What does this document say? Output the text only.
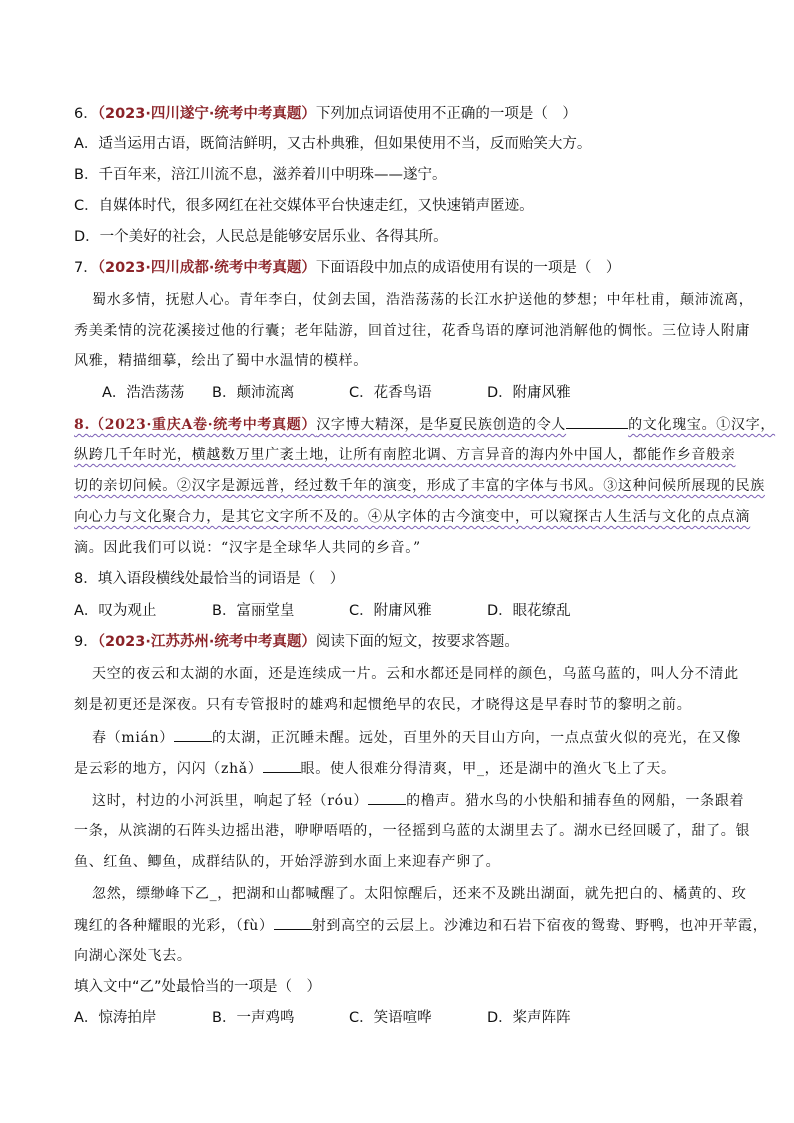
6．（2023·四川遂宁·统考中考真题）下列加点词语使用不正确的一项是（　）
A．适当运用古语，既简洁鲜明，又古朴典雅，但如果使用不当，反而贻笑大方。
B．千百年来，涪江川流不息，滋养着川中明珠——遂宁。
C．自媒体时代，很多网红在社交媒体平台快速走红，又快速销声匿迹。
D．一个美好的社会，人民总是能够安居乐业、各得其所。
7．（2023·四川成都·统考中考真题）下面语段中加点的成语使用有误的一项是（　）
蜀水多情，抚慰人心。青年李白，仗剑去国，浩浩荡荡的长江水护送他的梦想；中年杜甫，颠沛流离，
秀美柔情的浣花溪接过他的行囊；老年陆游，回首过往，花香鸟语的摩诃池消解他的惆怅。三位诗人附庸
风雅，精描细摹，绘出了蜀中水温情的模样。
A．浩浩荡荡 B．颠沛流离	C．花香鸟语	D．附庸风雅
8.（2023·重庆A卷·统考中考真题）汉字博大精深，是华夏民族创造的令人	的文化瑰宝。①汉字，
纵跨几千年时光，横越数万里广袤土地，让所有南腔北调、方言异音的海内外中国人，都能作乡音般亲
切的亲切问候。②汉字是源远普，经过数千年的演变，形成了丰富的字体与书风。③这种问候所展现的民族
向心力与文化聚合力，是其它文字所不及的。④从字体的古今演变中，可以窥探古人生活与文化的点点滴
滴。因此我们可以说：“汉字是全球华人共同的乡音。”
8．填入语段横线处最恰当的词语是（　）
A．叹为观止	B．富丽堂皇	C．附庸风雅	D．眼花缭乱
9．（2023·江苏苏州·统考中考真题）阅读下面的短文，按要求答题。
天空的夜云和太湖的水面，还是连续成一片。云和水都还是同样的颜色，乌蓝乌蓝的，叫人分不清此
刻是初更还是深夜。只有专管报时的雄鸡和起惯绝早的农民，才晓得这是早春时节的黎明之前。
春（mián）	的太湖，正沉睡未醒。远处，百里外的天目山方向，一点点萤火似的亮光，在又像
是云彩的地方，闪闪（zhǎ）	眼。使人很难分得清爽，甲_，还是湖中的渔火飞上了天。
这时，村边的小河浜里，响起了轻（róu）	的橹声。猎水鸟的小快船和捕春鱼的网船，一条跟着
一条，从滨湖的石阵头边摇出港，咿咿唔唔的，一径摇到乌蓝的太湖里去了。湖水已经回暖了，甜了。银
鱼、红鱼、鲫鱼，成群结队的，开始浮游到水面上来迎春产卵了。
忽然，缥缈峰下乙_，把湖和山都喊醒了。太阳惊醒后，还来不及跳出湖面，就先把白的、橘黄的、玫
瑰红的各种耀眼的光彩，（fù）	射到高空的云层上。沙滩边和石岩下宿夜的鸳鸯、野鸭，也冲开苹霞，
向湖心深处飞去。
填入文中“乙”处最恰当的一项是（　）
A．惊涛拍岸	B．一声鸡鸣	C．笑语喧哗	D．桨声阵阵
